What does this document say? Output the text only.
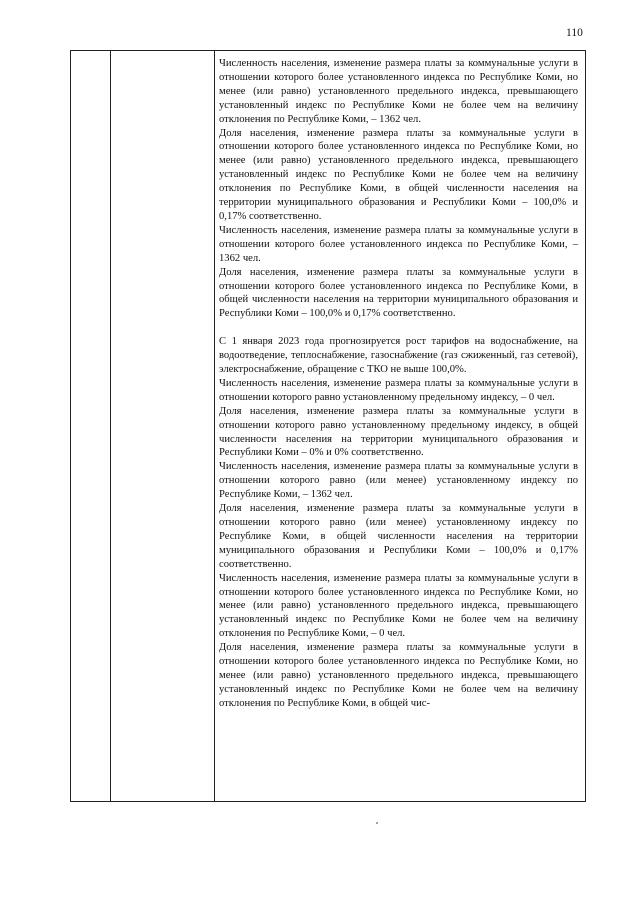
110

Численность населения, изменение размера платы за коммунальные услуги в отношении которого более установленного индекса по Республике Коми, но менее (или равно) установленного предельного индекса, превышающего установленный индекс по Республике Коми не более чем на величину отклонения по Республике Коми, – 1362 чел.

Доля населения, изменение размера платы за коммунальные услуги в отношении которого более установленного индекса по Республике Коми, но менее (или равно) установленного предельного индекса, превышающего установленный индекс по Республике Коми не более чем на величину отклонения по Республике Коми, в общей численности населения на территории муниципального образования и Республики Коми – 100,0% и 0,17% соответственно.

Численность населения, изменение размера платы за коммунальные услуги в отношении которого более установленного индекса по Республике Коми, – 1362 чел.

Доля населения, изменение размера платы за коммунальные услуги в отношении которого более установленного индекса по Республике Коми, в общей численности населения на территории муниципального образования и Республики Коми – 100,0% и 0,17% соответственно.

С 1 января 2023 года прогнозируется рост тарифов на водоснабжение, на водоотведение, теплоснабжение, газоснабжение (газ сжиженный, газ сетевой), электроснабжение, обращение с ТКО не выше 100,0%.

Численность населения, изменение размера платы за коммунальные услуги в отношении которого равно установленному предельному индексу, – 0 чел.

Доля населения, изменение размера платы за коммунальные услуги в отношении которого равно установленному предельному индексу, в общей численности населения на территории муниципального образования и Республики Коми – 0% и 0% соответственно.

Численность населения, изменение размера платы за коммунальные услуги в отношении которого равно (или менее) установленному индексу по Республике Коми, – 1362 чел.

Доля населения, изменение размера платы за коммунальные услуги в отношении которого равно (или менее) установленному индексу по Республике Коми, в общей численности населения на территории муниципального образования и Республики Коми – 100,0% и 0,17% соответственно.

Численность населения, изменение размера платы за коммунальные услуги в отношении которого более установленного индекса по Республике Коми, но менее (или равно) установленного предельного индекса, превышающего установленный индекс по Республике Коми не более чем на величину отклонения по Республике Коми, – 0 чел.

Доля населения, изменение размера платы за коммунальные услуги в отношении которого более установленного индекса по Республике Коми, но менее (или равно) установленного предельного индекса, превышающего установленный индекс по Республике Коми не более чем на величину отклонения по Республике Коми, в общей чис-
